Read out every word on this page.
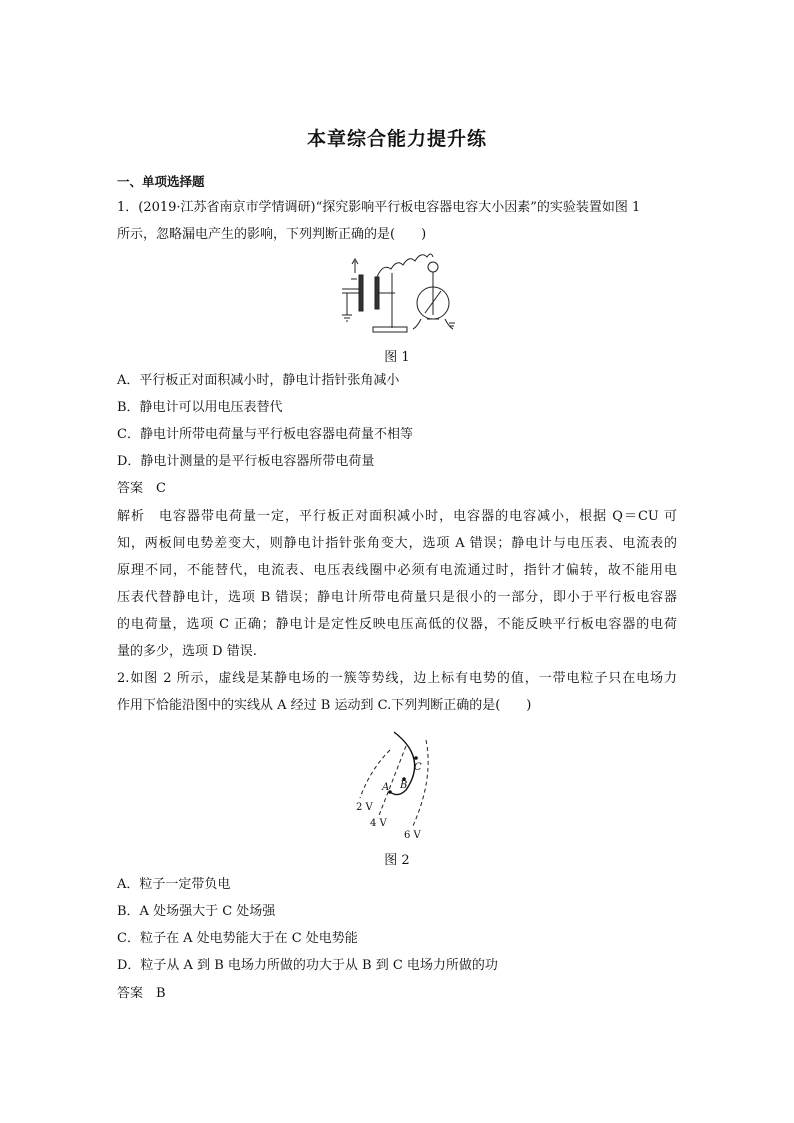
本章综合能力提升练
一、单项选择题
1．(2019·江苏省南京市学情调研)“探究影响平行板电容器电容大小因素”的实验装置如图 1
所示，忽略漏电产生的影响，下列判断正确的是(　　)
图 1
A．平行板正对面积减小时，静电计指针张角减小
B．静电计可以用电压表替代
C．静电计所带电荷量与平行板电容器电荷量不相等
D．静电计测量的是平行板电容器所带电荷量
答案　C
解析　电容器带电荷量一定，平行板正对面积减小时，电容器的电容减小，根据 Q＝CU 可
知，两板间电势差变大，则静电计指针张角变大，选项 A 错误；静电计与电压表、电流表的
原理不同，不能替代，电流表、电压表线圈中必须有电流通过时，指针才偏转，故不能用电
压表代替静电计，选项 B 错误；静电计所带电荷量只是很小的一部分，即小于平行板电容器
的电荷量，选项 C 正确；静电计是定性反映电压高低的仪器，不能反映平行板电容器的电荷
量的多少，选项 D 错误.
2.如图 2 所示，虚线是某静电场的一簇等势线，边上标有电势的值，一带电粒子只在电场力
作用下恰能沿图中的实线从 A 经过 B 运动到 C.下列判断正确的是(　　)
A B
C
2 V
4 V
6 V
图 2
A．粒子一定带负电
B．A 处场强大于 C 处场强
C．粒子在 A 处电势能大于在 C 处电势能
D．粒子从 A 到 B 电场力所做的功大于从 B 到 C 电场力所做的功
答案　B
